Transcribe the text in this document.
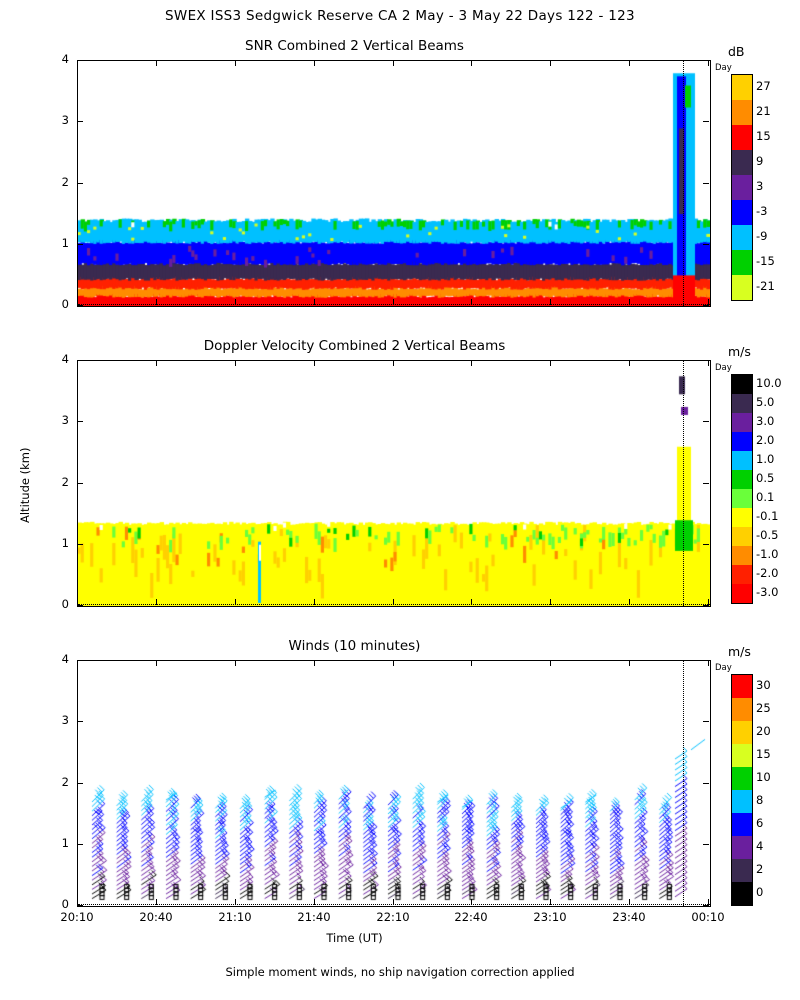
SWEX ISS3 Sedgwick Reserve CA 2 May - 3 May 22 Days 122 - 123
SNR Combined 2 Vertical Beams
0
1
2
3
4	dB
Day
27
21
15
9
3
-3
-9
-15
-21
Doppler Velocity Combined 2 Vertical Beams
0
1
2
3
4	m/s
Day
10.0
5.0
3.0
2.0
1.0
0.5
0.1
-0.1
-0.5
-1.0
-2.0
-3.0
Winds (10 minutes)
0
1
2
3
4
20:10	20:40	21:10	21:40	22:10	22:40	23:10	23:40	00:10
m/s
Day
30
25
20
15
10
8
6
4
2
0
Altitude (km)
Time (UT)
Simple moment winds, no ship navigation correction applied
